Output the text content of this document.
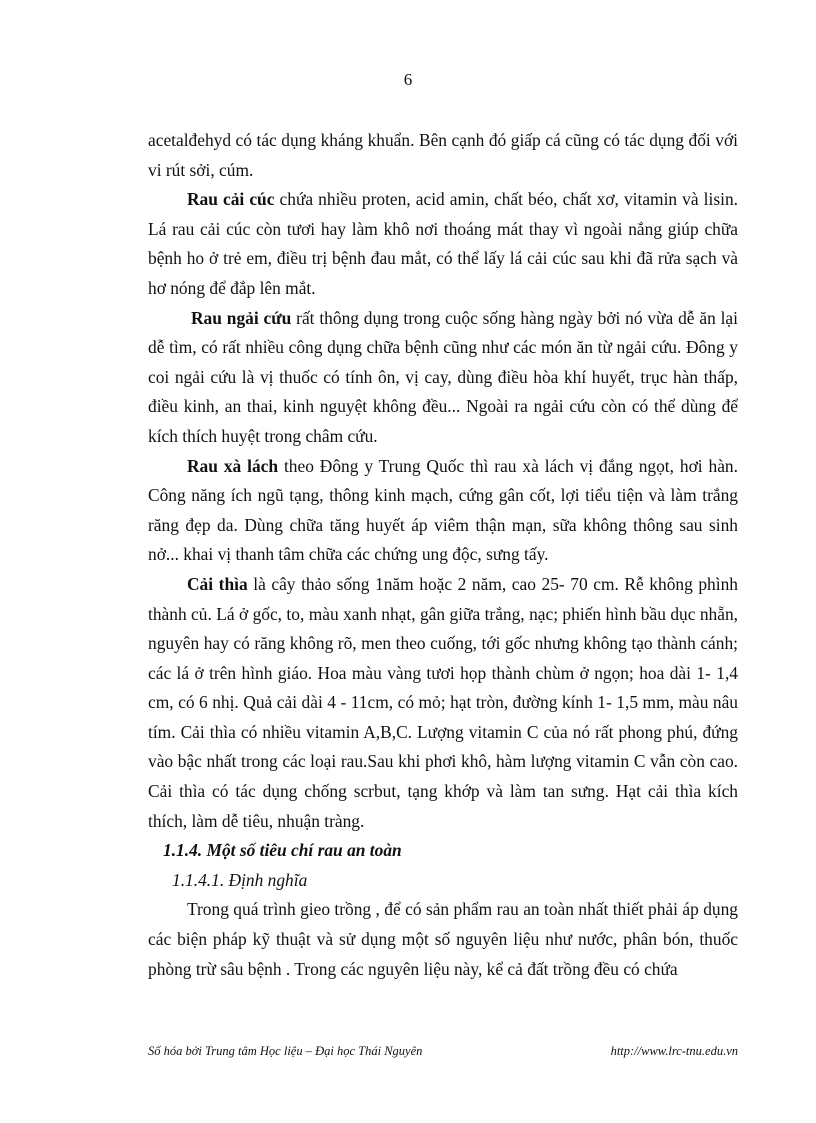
6

acetalđehyd có tác dụng kháng khuẩn. Bên cạnh đó giấp cá cũng có tác dụng đối với vi rút sởi, cúm.

Rau cải cúc chứa nhiều proten, acid amin, chất béo, chất xơ, vitamin và lisin. Lá rau cải cúc còn tươi hay làm khô nơi thoáng mát thay vì ngoài nắng giúp chữa bệnh ho ở trẻ em, điều trị bệnh đau mắt, có thể lấy lá cải cúc sau khi đã rửa sạch và hơ nóng để đắp lên mắt.

Rau ngải cứu rất thông dụng trong cuộc sống hàng ngày bởi nó vừa dễ ăn lại dễ tìm, có rất nhiều công dụng chữa bệnh cũng như các món ăn từ ngải cứu. Đông y coi ngải cứu là vị thuốc có tính ôn, vị cay, dùng điều hòa khí huyết, trục hàn thấp, điều kinh, an thai, kinh nguyệt không đều... Ngoài ra ngải cứu còn có thể dùng để kích thích huyệt trong châm cứu.

Rau xà lách theo Đông y Trung Quốc thì rau xà lách vị đắng ngọt, hơi hàn. Công năng ích ngũ tạng, thông kinh mạch, cứng gân cốt, lợi tiểu tiện và làm trắng răng đẹp da. Dùng chữa tăng huyết áp viêm thận mạn, sữa không thông sau sinh nở... khai vị thanh tâm chữa các chứng ung độc, sưng tấy.

Cải thìa là cây thảo sống 1năm hoặc 2 năm, cao 25- 70 cm. Rễ không phình thành củ. Lá ở gốc, to, màu xanh nhạt, gân giữa trắng, nạc; phiến hình bầu dục nhẵn, nguyên hay có răng không rõ, men theo cuống, tới gốc nhưng không tạo thành cánh; các lá ở trên hình giáo. Hoa màu vàng tươi họp thành chùm ở ngọn; hoa dài 1- 1,4 cm, có 6 nhị. Quả cải dài 4 - 11cm, có mỏ; hạt tròn, đường kính 1- 1,5 mm, màu nâu tím. Cải thìa có nhiều vitamin A,B,C. Lượng vitamin C của nó rất phong phú, đứng vào bậc nhất trong các loại rau.Sau khi phơi khô, hàm lượng vitamin C vẫn còn cao. Cải thìa có tác dụng chống scrbut, tạng khớp và làm tan sưng. Hạt cải thìa kích thích, làm dễ tiêu, nhuận tràng.

1.1.4. Một số tiêu chí rau an toàn

1.1.4.1. Định nghĩa

Trong quá trình gieo trồng , để có sản phẩm rau an toàn nhất thiết phải áp dụng các biện pháp kỹ thuật và sử dụng một số nguyên liệu như nước, phân bón, thuốc phòng trừ sâu bệnh . Trong các nguyên liệu này, kể cả đất trồng đều có chứa

Số hóa bởi Trung tâm Học liệu – Đại học Thái Nguyên	http://www.lrc-tnu.edu.vn
